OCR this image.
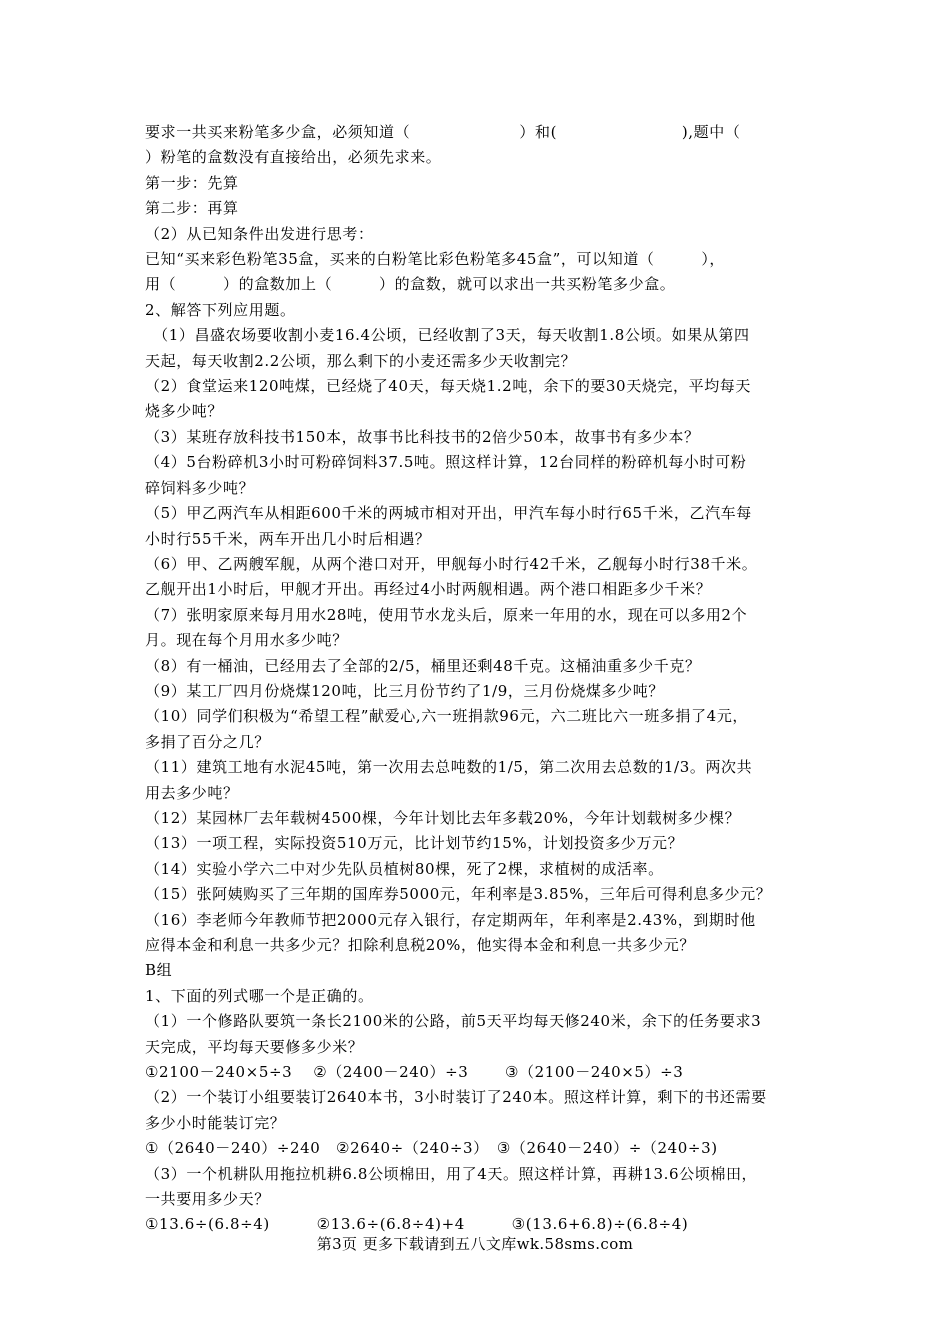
要求一共买来粉笔多少盒，必须知道（　　　　　　　）和(　　　　　　　　),题中（

）粉笔的盒数没有直接给出，必须先求来。

第一步：先算

第二步：再算

（2）从已知条件出发进行思考：

已知“买来彩色粉笔35盒，买来的白粉笔比彩色粉笔多45盒”，可以知道（　　　），

用（　　　）的盒数加上（　　　）的盒数，就可以求出一共买粉笔多少盒。

2、解答下列应用题。

　（1）昌盛农场要收割小麦16.4公顷，已经收割了3天，每天收割1.8公顷。如果从第四

天起，每天收割2.2公顷，那么剩下的小麦还需多少天收割完？

（2）食堂运来120吨煤，已经烧了40天，每天烧1.2吨，余下的要30天烧完，平均每天

烧多少吨？

（3）某班存放科技书150本，故事书比科技书的2倍少50本，故事书有多少本？

（4）5台粉碎机3小时可粉碎饲料37.5吨。照这样计算，12台同样的粉碎机每小时可粉

碎饲料多少吨？

（5）甲乙两汽车从相距600千米的两城市相对开出，甲汽车每小时行65千米，乙汽车每

小时行55千米，两车开出几小时后相遇？

（6）甲、乙两艘军舰，从两个港口对开，甲舰每小时行42千米，乙舰每小时行38千米。

乙舰开出1小时后，甲舰才开出。再经过4小时两舰相遇。两个港口相距多少千米？

（7）张明家原来每月用水28吨，使用节水龙头后，原来一年用的水，现在可以多用2个

月。现在每个月用水多少吨？

（8）有一桶油，已经用去了全部的2/5，桶里还剩48千克。这桶油重多少千克？

（9）某工厂四月份烧煤120吨，比三月份节约了1/9，三月份烧煤多少吨？

（10）同学们积极为“希望工程”献爱心,六一班捐款96元，六二班比六一班多捐了4元，

多捐了百分之几？

（11）建筑工地有水泥45吨，第一次用去总吨数的1/5，第二次用去总数的1/3。两次共

用去多少吨？

（12）某园林厂去年载树4500棵，今年计划比去年多载20%，今年计划载树多少棵？

（13）一项工程，实际投资510万元，比计划节约15%，计划投资多少万元？

（14）实验小学六二中对少先队员植树80棵，死了2棵，求植树的成活率。

（15）张阿姨购买了三年期的国库券5000元，年利率是3.85%，三年后可得利息多少元？

（16）李老师今年教师节把2000元存入银行，存定期两年，年利率是2.43%，到期时他

应得本金和利息一共多少元？扣除利息税20%，他实得本金和利息一共多少元？

B组

1、下面的列式哪一个是正确的。

（1）一个修路队要筑一条长2100米的公路，前5天平均每天修240米，余下的任务要求3

天完成，平均每天要修多少米？

①2100－240×5÷3　 ②（2400－240）÷3　　 ③（2100－240×5）÷3

（2）一个装订小组要装订2640本书，3小时装订了240本。照这样计算，剩下的书还需要

多少小时能装订完？

①（2640－240）÷240　②2640÷（240÷3）　③（2640－240）÷（240÷3)

（3）一个机耕队用拖拉机耕6.8公顷棉田，用了4天。照这样计算，再耕13.6公顷棉田，

一共要用多少天？

①13.6÷(6.8÷4)　　　②13.6÷(6.8÷4)+4　　　③(13.6+6.8)÷(6.8÷4)

第3页 更多下载请到五八文库wk.58sms.com
